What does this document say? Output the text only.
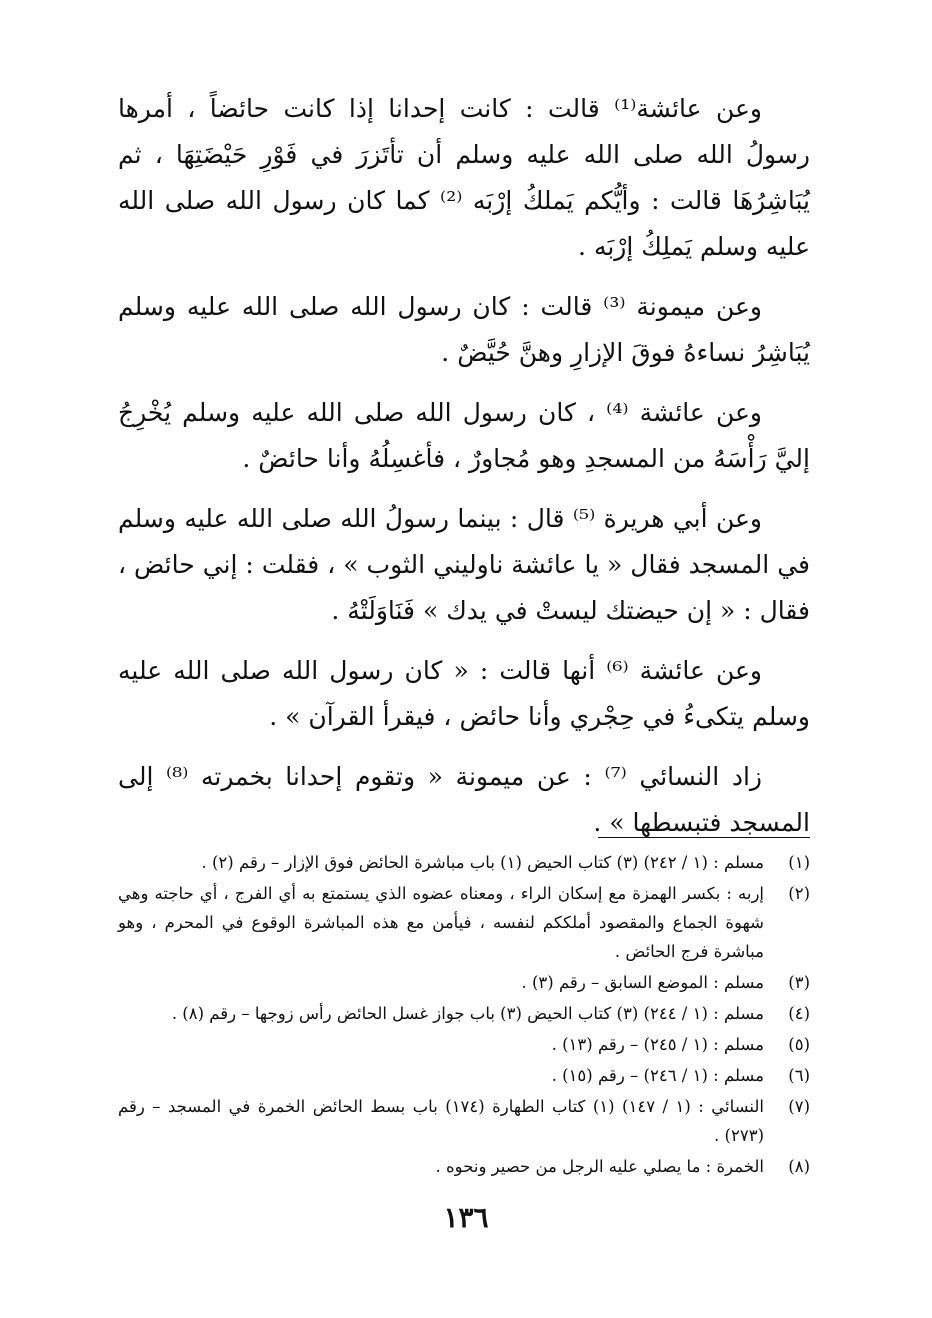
وعن عائشة⁽¹⁾ قالت : كانت إحدانا إذا كانت حائضاً ، أمرها رسولُ الله صلى الله عليه وسلم أن تأتَزرَ في فَوْرِ حَيْضَتِهَا ، ثم يُبَاشِرُهَا قالت : وأيُّكم يَملكُ إرْبَه ⁽²⁾ كما كان رسول الله صلى الله عليه وسلم يَملِكُ إرْبَه .

وعن ميمونة ⁽³⁾ قالت : كان رسول الله صلى الله عليه وسلم يُبَاشِرُ نساءهُ فوقَ الإزارِ وهنَّ حُيَّضٌ .

وعن عائشة ⁽⁴⁾ ، كان رسول الله صلى الله عليه وسلم يُخْرِجُ إليَّ رَأْسَهُ من المسجدِ وهو مُجاورٌ ، فأغسِلُهُ وأنا حائضٌ .

وعن أبي هريرة ⁽⁵⁾ قال : بينما رسولُ الله صلى الله عليه وسلم في المسجد فقال « يا عائشة ناوليني الثوب » ، فقلت : إني حائض ، فقال : « إن حيضتك ليستْ في يدك » فَنَاوَلَتْهُ .

وعن عائشة ⁽⁶⁾ أنها قالت : « كان رسول الله صلى الله عليه وسلم يتكىءُ في حِجْري وأنا حائض ، فيقرأ القرآن » .

زاد النسائي ⁽⁷⁾ : عن ميمونة « وتقوم إحدانا بخمرته ⁽⁸⁾ إلى المسجد فتبسطها » .

(١)
مسلم : (١ / ٢٤٢) (٣) كتاب الحيض (١) باب مباشرة الحائض فوق الإزار – رقم (٢) .
(٢)
إربه : بكسر الهمزة مع إسكان الراء ، ومعناه عضوه الذي يستمتع به أي الفرج ، أي حاجته وهي شهوة الجماع والمقصود أملككم لنفسه ، فيأمن مع هذه المباشرة الوقوع في المحرم ، وهو مباشرة فرج الحائض .
(٣)
مسلم : الموضع السابق – رقم (٣) .
(٤)
مسلم : (١ / ٢٤٤) (٣) كتاب الحيض (٣) باب جواز غسل الحائض رأس زوجها – رقم (٨) .
(٥)
مسلم : (١ / ٢٤٥) – رقم (١٣) .
(٦)
مسلم : (١ / ٢٤٦) – رقم (١٥) .
(٧)
النسائي : (١ / ١٤٧) (١) كتاب الطهارة (١٧٤) باب بسط الحائض الخمرة في المسجد – رقم (٢٧٣) .
(٨)
الخمرة : ما يصلي عليه الرجل من حصير ونحوه .
١٣٦
